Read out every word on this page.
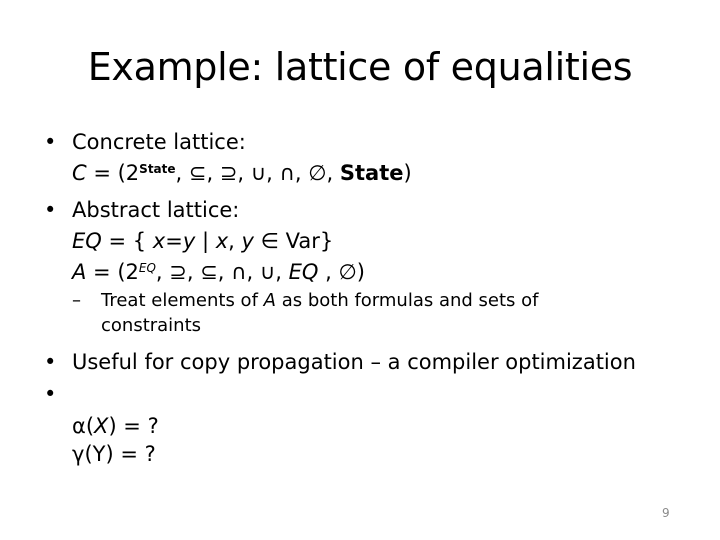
Example: lattice of equalities
• Concrete lattice:
$C = (2^{State}$, ⊆, ⊇, ∪, ∩, ∅, State)
• Abstract lattice:
EQ = { x=y | x, y ∈ Var}
$A = (2^{EQ}$, ⊇, ⊆, ∩, ∪, EQ , ∅)
– Treat elements of A as both formulas and sets of
constraints
• Useful for copy propagation – a compiler optimization
•
α(X) = ?
γ(Y) = ?
9
